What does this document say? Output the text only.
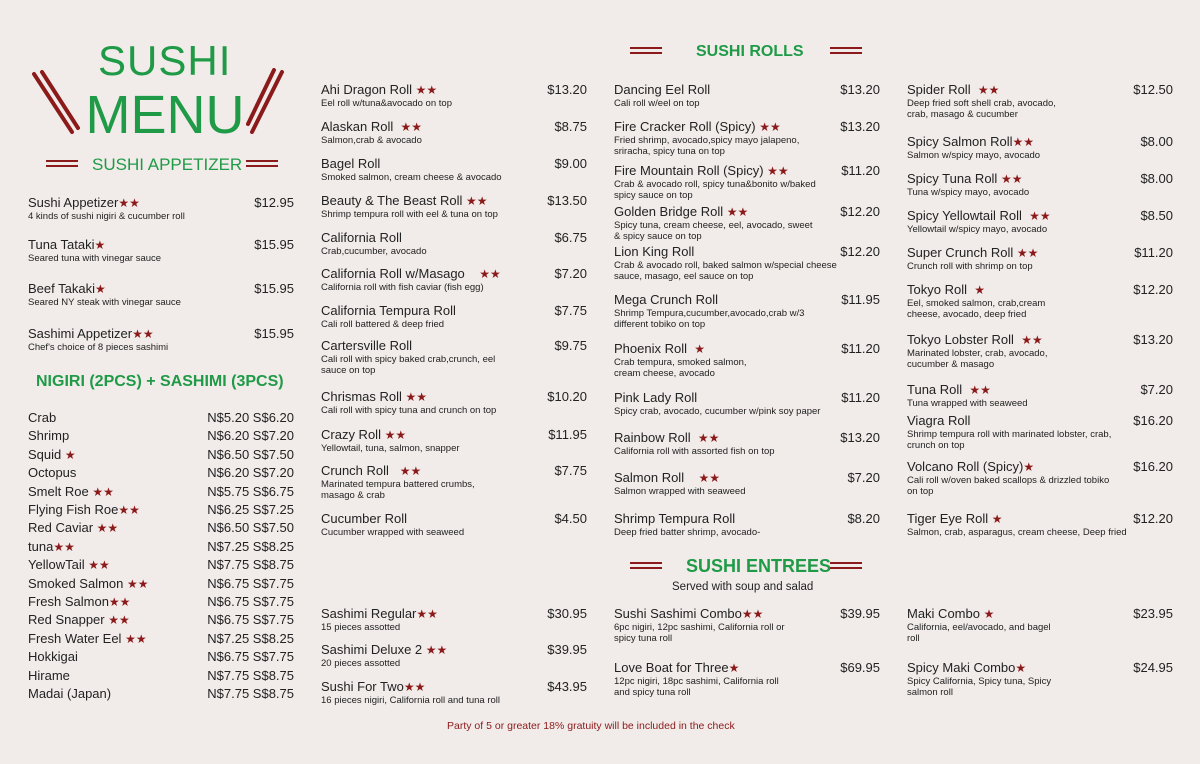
SUSHI
MENU
SUSHI APPETIZER
Sushi Appetizer★★	$12.95
4 kinds of sushi nigiri & cucumber roll
Tuna Tataki★	$15.95
Seared tuna with vinegar sauce
Beef Takaki★	$15.95
Seared NY steak with vinegar sauce
Sashimi Appetizer★★	$15.95
Chef's choice of 8 pieces sashimi
NIGIRI (2PCS) + SASHIMI (3PCS)
Crab	N$5.20 S$6.20
Shrimp	N$6.20 S$7.20
Squid ★	N$6.50 S$7.50
Octopus	N$6.20 S$7.20
Smelt Roe ★★	N$5.75 S$6.75
Flying Fish Roe★★	N$6.25 S$7.25
Red Caviar ★★	N$6.50 S$7.50
tuna★★	N$7.25 S$8.25
YellowTail ★★	N$7.75 S$8.75
Smoked Salmon ★★	N$6.75 S$7.75
Fresh Salmon★★	N$6.75 S$7.75
Red Snapper ★★	N$6.75 S$7.75
Fresh Water Eel ★★	N$7.25 S$8.25
Hokkigai	N$6.75 S$7.75
Hirame	N$7.75 S$8.75
Madai (Japan)	N$7.75 S$8.75
SUSHI ROLLS
Ahi Dragon Roll ★★	$13.20
Eel roll w/tuna&avocado on top
Alaskan Roll ★★	$8.75
Salmon,crab & avocado
Bagel Roll	$9.00
Smoked salmon, cream cheese & avocado
Beauty & The Beast Roll ★★	$13.50
Shrimp tempura roll with eel & tuna on top
California Roll	$6.75
Crab,cucumber, avocado
California Roll w/Masago ★★	$7.20
California roll with fish caviar (fish egg)
California Tempura Roll	$7.75
Cali roll battered & deep fried
Cartersville Roll	$9.75
Cali roll with spicy baked crab,crunch, eel sauce on top
Chrismas Roll ★★	$10.20
Cali roll with spicy tuna and crunch on top
Crazy Roll ★★	$11.95
Yellowtail, tuna, salmon, snapper
Crunch Roll ★★	$7.75
Marinated tempura battered crumbs, masago & crab
Cucumber Roll	$4.50
Cucumber wrapped with seaweed
Dancing Eel Roll	$13.20
Cali roll w/eel on top
Fire Cracker Roll (Spicy) ★★	$13.20
Fried shrimp, avocado,spicy mayo jalapeno, sriracha, spicy tuna on top
Fire Mountain Roll (Spicy) ★★	$11.20
Crab & avocado roll, spicy tuna&bonito w/baked spicy sauce on top
Golden Bridge Roll ★★	$12.20
Spicy tuna, cream cheese, eel, avocado, sweet & spicy sauce on top
Lion King Roll	$12.20
Crab & avocado roll, baked salmon w/special cheese sauce, masago, eel sauce on top
Mega Crunch Roll	$11.95
Shrimp Tempura,cucumber,avocado,crab w/3 different tobiko on top
Phoenix Roll ★	$11.20
Crab tempura, smoked salmon, cream cheese, avocado
Pink Lady Roll	$11.20
Spicy crab, avocado, cucumber w/pink soy paper
Rainbow Roll ★★	$13.20
California roll with assorted fish on top
Salmon Roll ★★	$7.20
Salmon wrapped with seaweed
Shrimp Tempura Roll	$8.20
Deep fried batter shrimp, avocado-
Spider Roll ★★	$12.50
Deep fried soft shell crab, avocado, crab, masago & cucumber
Spicy Salmon Roll★★	$8.00
Salmon w/spicy mayo, avocado
Spicy Tuna Roll ★★	$8.00
Tuna w/spicy mayo, avocado
Spicy Yellowtail Roll ★★	$8.50
Yellowtail w/spicy mayo, avocado
Super Crunch Roll ★★	$11.20
Crunch roll with shrimp on top
Tokyo Roll ★	$12.20
Eel, smoked salmon, crab,cream cheese, avocado, deep fried
Tokyo Lobster Roll ★★	$13.20
Marinated lobster, crab, avocado, cucumber & masago
Tuna Roll ★★	$7.20
Tuna wrapped with seaweed
Viagra Roll	$16.20
Shrimp tempura roll with marinated lobster, crab, crunch on top
Volcano Roll (Spicy)★	$16.20
Cali roll w/oven baked scallops & drizzled tobiko on top
Tiger Eye Roll ★	$12.20
Salmon, crab, asparagus, cream cheese, Deep fried
SUSHI ENTREES
Served with soup and salad
Sashimi Regular★★	$30.95
15 pieces assotted
Sashimi Deluxe 2 ★★	$39.95
20 pieces assotted
Sushi For Two★★	$43.95
16 pieces nigiri, California roll and tuna roll
Sushi Sashimi Combo★★	$39.95
6pc nigiri, 12pc sashimi, California roll or spicy tuna roll
Love Boat for Three★	$69.95
12pc nigiri, 18pc sashimi, California roll and spicy tuna roll
Maki Combo ★	$23.95
California, eel/avocado, and bagel roll
Spicy Maki Combo★	$24.95
Spicy California, Spicy tuna, Spicy salmon roll
Party of 5 or greater 18% gratuity will be included in the check
